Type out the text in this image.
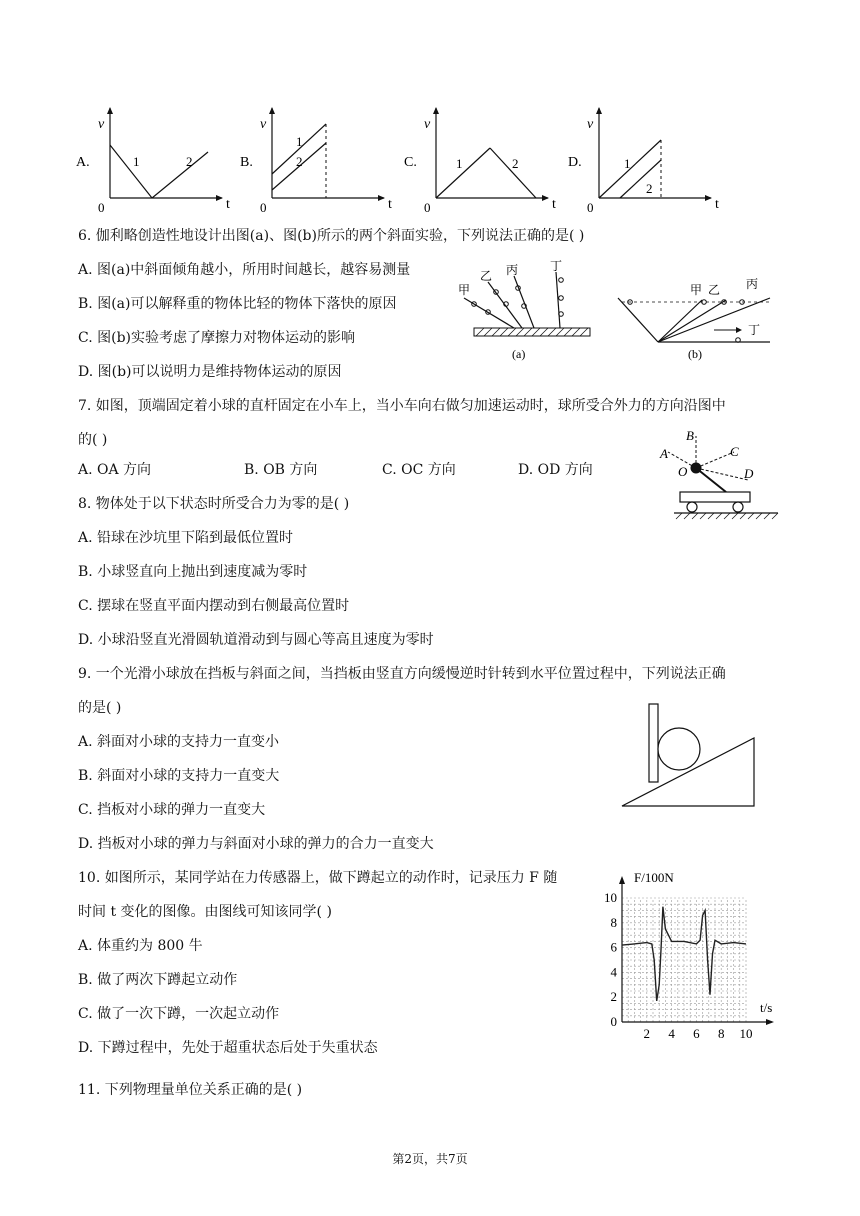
A.
v
t
0
1	2	B.
v
t
0
1
2	C.
v
t
0
1	2	D.
v
t
0
1
2
6. 伽利略创造性地设计出图(a)、图(b)所示的两个斜面实验，下列说法正确的是( )
A. 图(a)中斜面倾角越小，所用时间越长，越容易测量
B. 图(a)可以解释重的物体比轻的物体下落快的原因
C. 图(b)实验考虑了摩擦力对物体运动的影响
D. 图(b)可以说明力是维持物体运动的原因
甲
乙 丙	丁
(a)
甲 乙 丙
丁
(b)
7. 如图，顶端固定着小球的直杆固定在小车上，当小车向右做匀加速运动时，球所受合外力的方向沿图中
的( )
A. OA 方向	B. OB 方向	C. OC 方向	D. OD 方向
A
B
C
D
O
8. 物体处于以下状态时所受合力为零的是( )
A. 铅球在沙坑里下陷到最低位置时
B. 小球竖直向上抛出到速度减为零时
C. 摆球在竖直平面内摆动到右侧最高位置时
D. 小球沿竖直光滑圆轨道滑动到与圆心等高且速度为零时
9. 一个光滑小球放在挡板与斜面之间，当挡板由竖直方向缓慢逆时针转到水平位置过程中，下列说法正确
的是( )
A. 斜面对小球的支持力一直变小
B. 斜面对小球的支持力一直变大
C. 挡板对小球的弹力一直变大
D. 挡板对小球的弹力与斜面对小球的弹力的合力一直变大
10. 如图所示，某同学站在力传感器上，做下蹲起立的动作时，记录压力 F 随
时间 t 变化的图像。由图线可知该同学( )
A. 体重约为 800 牛
B. 做了两次下蹲起立动作
C. 做了一次下蹲，一次起立动作
D. 下蹲过程中，先处于超重状态后处于失重状态
F/100N
t/s
0
2
4
6
8
10
2 4 6 8 10
11. 下列物理量单位关系正确的是( )
第2页，共7页
